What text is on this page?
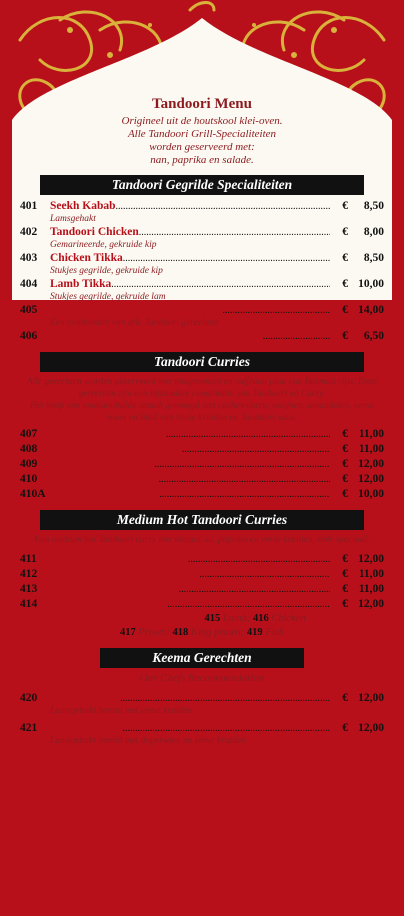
Tandoori Menu
Origineel uit de houtskool klei-oven.
Alle Tandoori Grill-Specialiteiten
worden geserveerd met:
nan, paprika en salade.
Tandoori Gegrilde Specialiteiten
401	Seekh Kabab .....	€	8,50
Lamsgehakt
402	Tandoori Chicken .....	€	8,00
Gemarineerde, gekruide kip
403	Chicken Tikka .....	€	8,50
Stukjes gegrilde, gekruide kip
404	Lamb Tikka .....	€ 10,00
Stukjes gegrilde, gekruide lam
405	Lasanie Tandoori Mixed Grill Spec .....	€ 14,00
Een combinatie van alle Tandoori gerechten
406	Shami Kabab ( lamsgehakt met gele linzen) .....	€	6,50
Tandoori Curries
Alle gerechten worden geserveerd met mixgroenten en saffraan plau van Basmati rijst. Deze gerechten zijn een bijzondere combinatie van Tandoori en Curry.
Het heeft een medium/milde smaak gemengd met cashewnoten, rozijnen, amandelen, verse room en blad van verse kruiden en Tandoori saus.
407	Chicken Tikka Massala .....	€ 11,00
408	Tandoori Chicken Massala .....	€ 11,00
409	Lamb Tikka Massala .....	€ 12,00
410	Seekh Kabab Massala .....	€ 12,00
410A Paneer Tikka Massala .....	€ 10,00
Medium Hot Tandoori Curries
Een medium hot Tandoori curry met tomaat, ui, paprika en verse kruiden, zéér speciaal.
411	Lamb Tikka Jal-Ferizi (hot) .....	€ 12,00
412	Chicken Tikka Jal-Ferizi (hot) .....	€ 11,00
413	Chicken Tikka Chilli Frey .....	€ 11,00
414	Lamb Tikka Chilli Frey .....	€ 12,00
TAWA-GERECHTEN: 415 Lamb; 416 Chicken
417 Prawn; 418 King prawn; 419 Fish
Keema Gerechten
Our Chefs Recommendation
420	Keema Bhuna .....	€ 12,00
Lamsgehakt bereid met verse kruiden
421	Keema Mattar .....	€ 12,00
Lamsgehakt bereid met doperwten en verse kruiden
Lopend Buffet is op afspraak en zondags
Restaurant tel.: 070 - 390 67 15
Bezorging tel.: 070 - 414 00 50
Fax: 070 - 415 44 64
